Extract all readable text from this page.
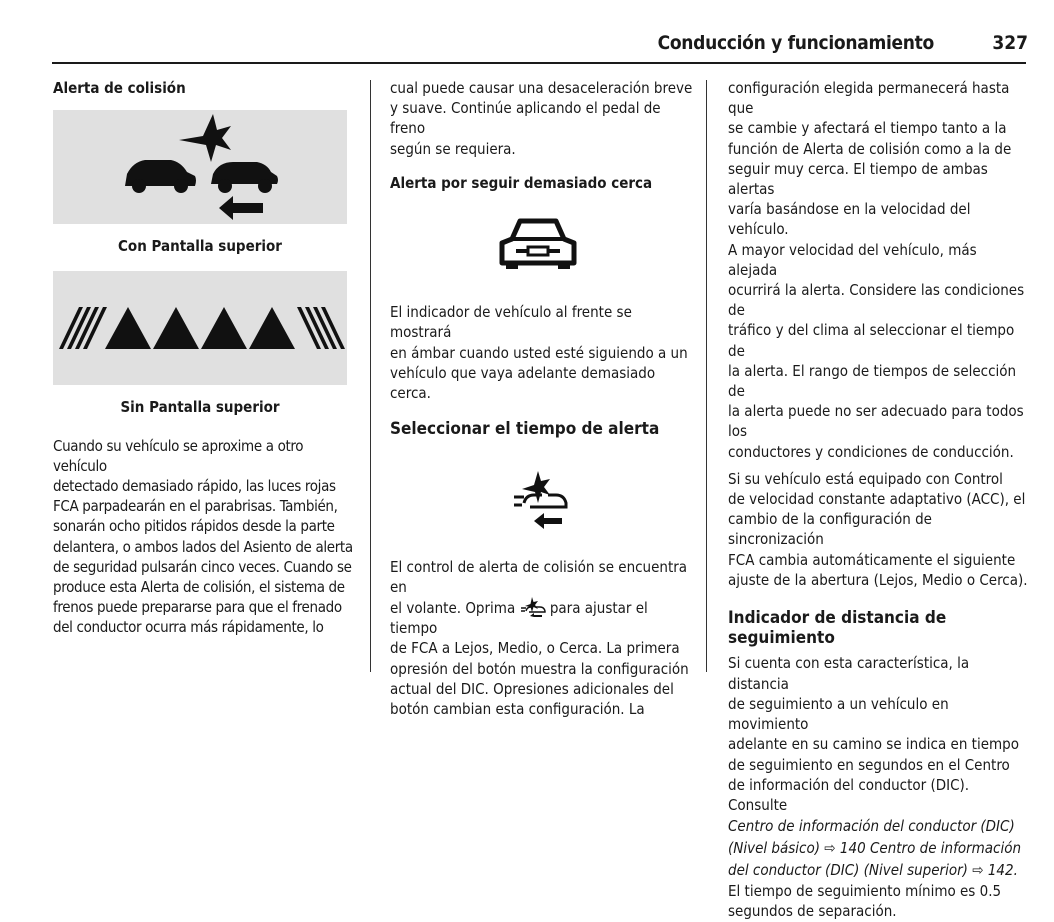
Conducción y funcionamiento	327

Alerta de colisión

Con Pantalla superior

Sin Pantalla superior

Cuando su vehículo se aproxime a otro vehículo

detectado demasiado rápido, las luces rojas

FCA parpadearán en el parabrisas. También,

sonarán ocho pitidos rápidos desde la parte

delantera, o ambos lados del Asiento de alerta

de seguridad pulsarán cinco veces. Cuando se

produce esta Alerta de colisión, el sistema de

frenos puede prepararse para que el frenado

del conductor ocurra más rápidamente, lo

cual puede causar una desaceleración breve

y suave. Continúe aplicando el pedal de freno

según se requiera.

Alerta por seguir demasiado cerca

El indicador de vehículo al frente se mostrará

en ámbar cuando usted esté siguiendo a un

vehículo que vaya adelante demasiado cerca.

Seleccionar el tiempo de alerta

El control de alerta de colisión se encuentra en

el volante. Oprima para ajustar el tiempo

de FCA a Lejos, Medio, o Cerca. La primera

opresión del botón muestra la configuración

actual del DIC. Opresiones adicionales del

botón cambian esta configuración. La

configuración elegida permanecerá hasta que

se cambie y afectará el tiempo tanto a la

función de Alerta de colisión como a la de

seguir muy cerca. El tiempo de ambas alertas

varía basándose en la velocidad del vehículo.

A mayor velocidad del vehículo, más alejada

ocurrirá la alerta. Considere las condiciones de

tráfico y del clima al seleccionar el tiempo de

la alerta. El rango de tiempos de selección de

la alerta puede no ser adecuado para todos los

conductores y condiciones de conducción.

Si su vehículo está equipado con Control

de velocidad constante adaptativo (ACC), el

cambio de la configuración de sincronización

FCA cambia automáticamente el siguiente

ajuste de la abertura (Lejos, Medio o Cerca).

Indicador de distancia de seguimiento

Si cuenta con esta característica, la distancia

de seguimiento a un vehículo en movimiento

adelante en su camino se indica en tiempo

de seguimiento en segundos en el Centro

de información del conductor (DIC). Consulte

Centro de información del conductor (DIC)

(Nivel básico) ⇨ 140 Centro de información

del conductor (DIC) (Nivel superior) ⇨ 142.

El tiempo de seguimiento mínimo es 0.5

segundos de separación.
